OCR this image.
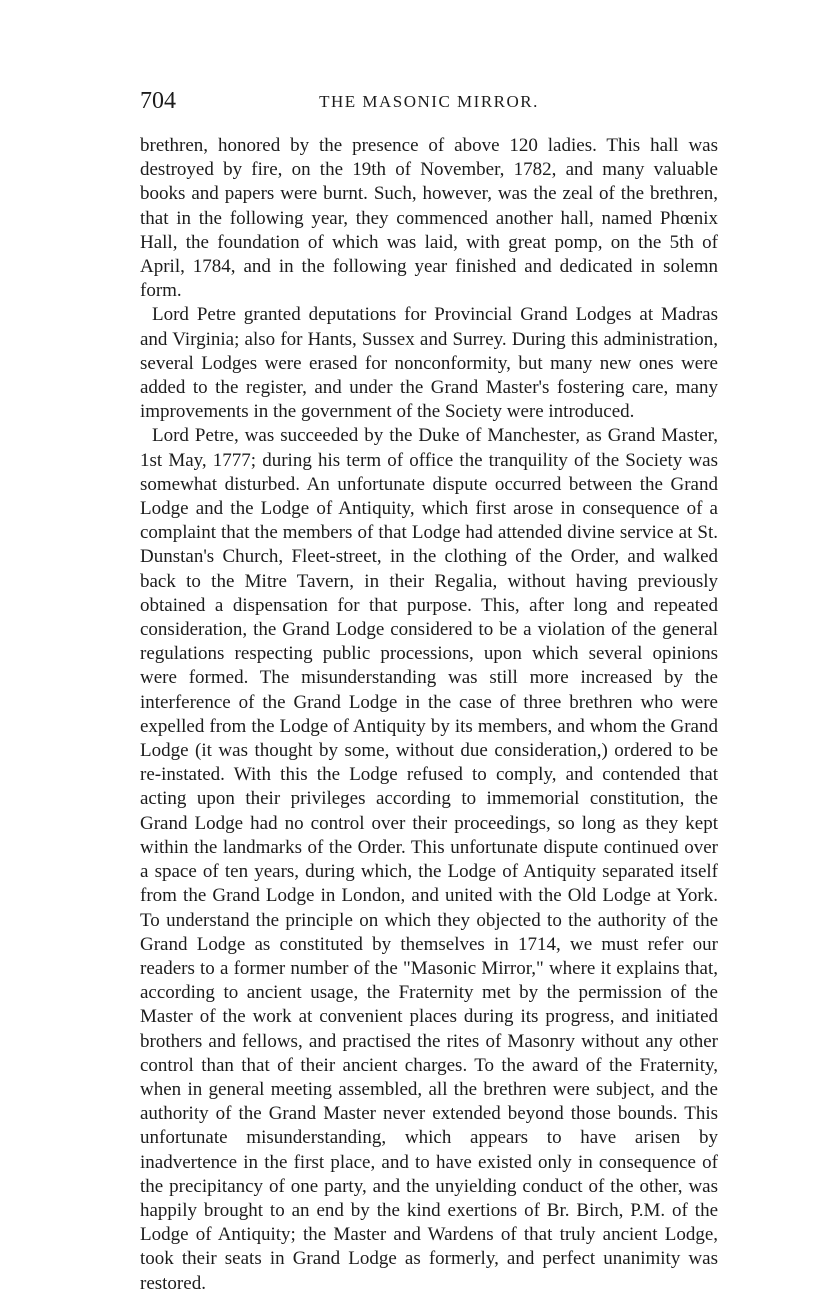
704	THE MASONIC MIRROR.

brethren, honored by the presence of above 120 ladies. This hall was destroyed by fire, on the 19th of November, 1782, and many valuable books and papers were burnt. Such, however, was the zeal of the brethren, that in the following year, they commenced another hall, named Phœnix Hall, the foundation of which was laid, with great pomp, on the 5th of April, 1784, and in the following year finished and dedicated in solemn form.

Lord Petre granted deputations for Provincial Grand Lodges at Madras and Virginia; also for Hants, Sussex and Surrey. During this administration, several Lodges were erased for nonconformity, but many new ones were added to the register, and under the Grand Master's fostering care, many improvements in the government of the Society were introduced.

Lord Petre, was succeeded by the Duke of Manchester, as Grand Master, 1st May, 1777; during his term of office the tranquility of the Society was somewhat disturbed. An unfortunate dispute occurred between the Grand Lodge and the Lodge of Antiquity, which first arose in consequence of a complaint that the members of that Lodge had attended divine service at St. Dunstan's Church, Fleet-street, in the clothing of the Order, and walked back to the Mitre Tavern, in their Regalia, without having previously obtained a dispensation for that purpose. This, after long and repeated consideration, the Grand Lodge considered to be a violation of the general regulations respecting public processions, upon which several opinions were formed. The misunderstanding was still more increased by the interference of the Grand Lodge in the case of three brethren who were expelled from the Lodge of Antiquity by its members, and whom the Grand Lodge (it was thought by some, without due consideration,) ordered to be re-instated. With this the Lodge refused to comply, and contended that acting upon their privileges according to immemorial constitution, the Grand Lodge had no control over their proceedings, so long as they kept within the landmarks of the Order. This unfortunate dispute continued over a space of ten years, during which, the Lodge of Antiquity separated itself from the Grand Lodge in London, and united with the Old Lodge at York. To understand the principle on which they objected to the authority of the Grand Lodge as constituted by themselves in 1714, we must refer our readers to a former number of the "Masonic Mirror," where it explains that, according to ancient usage, the Fraternity met by the permission of the Master of the work at convenient places during its progress, and initiated brothers and fellows, and practised the rites of Masonry without any other control than that of their ancient charges. To the award of the Fraternity, when in general meeting assembled, all the brethren were subject, and the authority of the Grand Master never extended beyond those bounds. This unfortunate misunderstanding, which appears to have arisen by inadvertence in the first place, and to have existed only in consequence of the precipitancy of one party, and the unyielding conduct of the other, was happily brought to an end by the kind exertions of Br. Birch, P.M. of the Lodge of Antiquity; the Master and Wardens of that truly ancient Lodge, took their seats in Grand Lodge as formerly, and perfect unanimity was restored.
